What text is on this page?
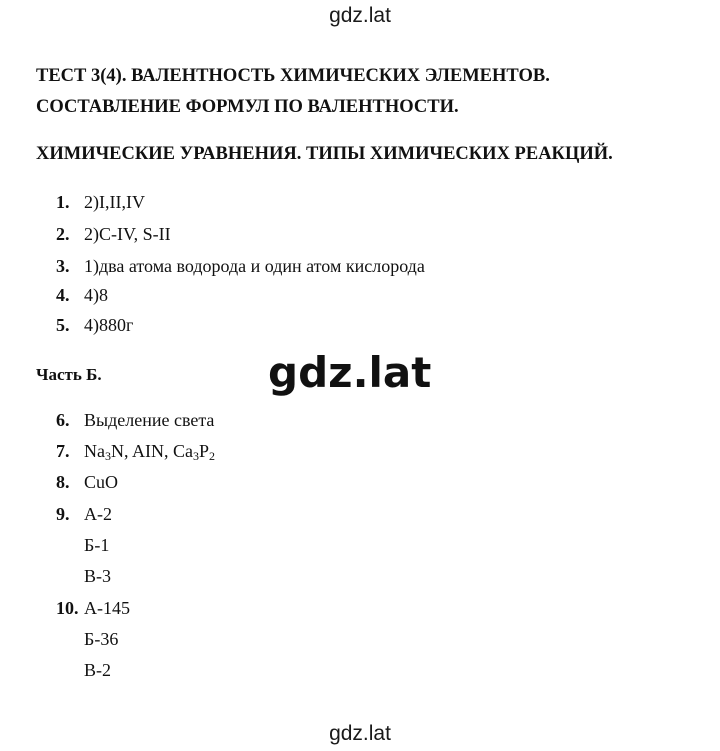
gdz.lat
ТЕСТ 3(4). ВАЛЕНТНОСТЬ ХИМИЧЕСКИХ ЭЛЕМЕНТОВ.
СОСТАВЛЕНИЕ ФОРМУЛ ПО ВАЛЕНТНОСТИ.
ХИМИЧЕСКИЕ УРАВНЕНИЯ. ТИПЫ ХИМИЧЕСКИХ РЕАКЦИЙ.
1. 2)I,II,IV
2. 2)C-IV, S-II
3. 1)два атома водорода и один атом кислорода
4. 4)8
5. 4)880г
Часть Б.	gdz.lat
6. Выделение света
7. $Na_3N$, AIN, $Ca_3P_2$
8. CuO
9. А-2
Б-1
В-3
10. А-145
Б-36
В-2
gdz.lat
